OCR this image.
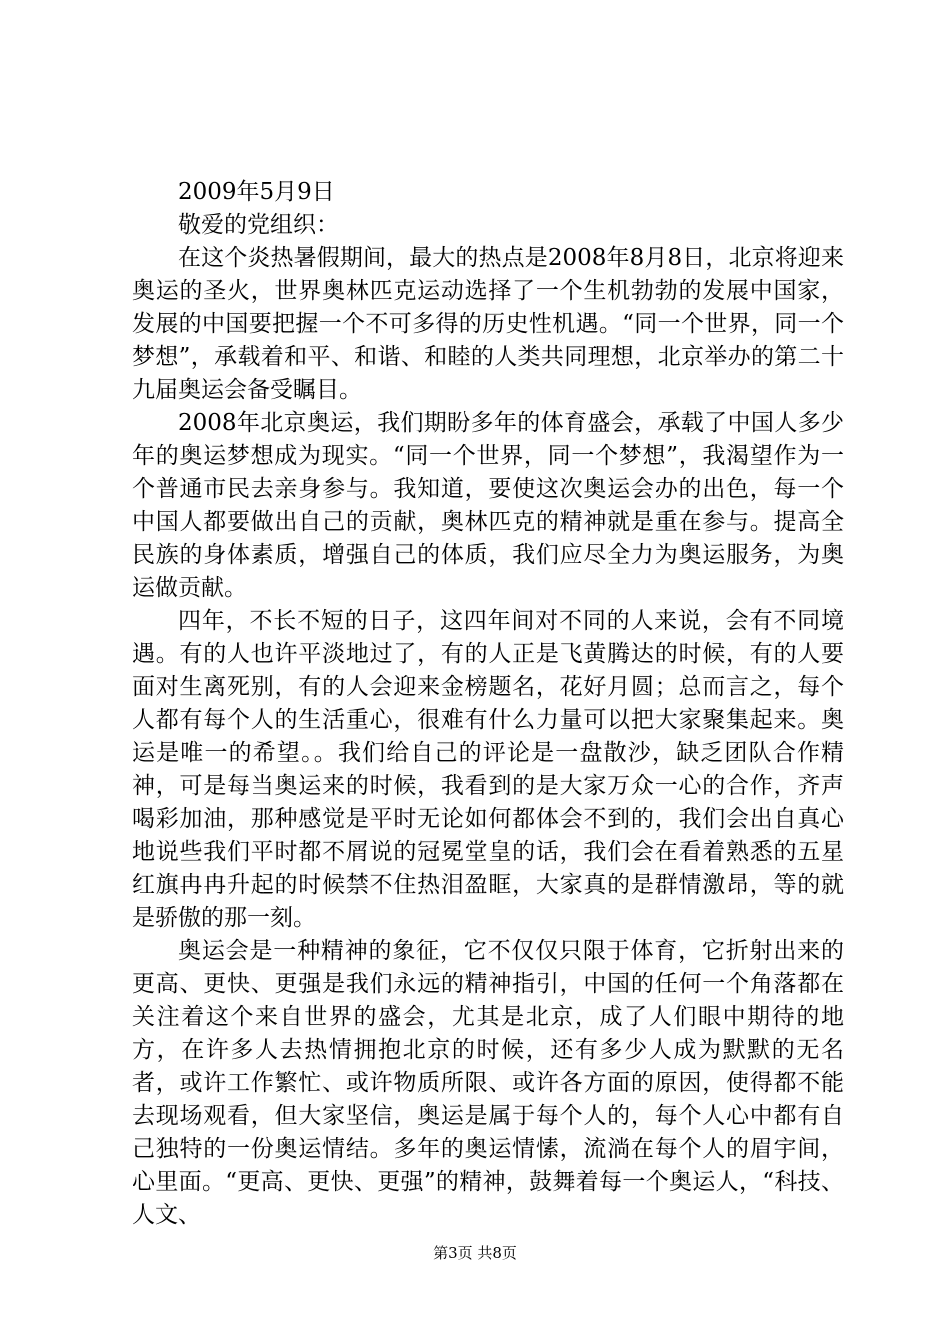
2009年5月9日

敬爱的党组织：

在这个炎热暑假期间，最大的热点是2008年8月8日，北京将迎来奥运的圣火，世界奥林匹克运动选择了一个生机勃勃的发展中国家，发展的中国要把握一个不可多得的历史性机遇。“同一个世界，同一个梦想”，承载着和平、和谐、和睦的人类共同理想，北京举办的第二十九届奥运会备受瞩目。

2008年北京奥运，我们期盼多年的体育盛会，承载了中国人多少年的奥运梦想成为现实。“同一个世界，同一个梦想”，我渴望作为一个普通市民去亲身参与。我知道，要使这次奥运会办的出色，每一个中国人都要做出自己的贡献，奥林匹克的精神就是重在参与。提高全民族的身体素质，增强自己的体质，我们应尽全力为奥运服务，为奥运做贡献。

四年，不长不短的日子，这四年间对不同的人来说，会有不同境遇。有的人也许平淡地过了，有的人正是飞黄腾达的时候，有的人要面对生离死别，有的人会迎来金榜题名，花好月圆；总而言之，每个人都有每个人的生活重心，很难有什么力量可以把大家聚集起来。奥运是唯一的希望。。我们给自己的评论是一盘散沙，缺乏团队合作精神，可是每当奥运来的时候，我看到的是大家万众一心的合作，齐声喝彩加油，那种感觉是平时无论如何都体会不到的，我们会出自真心地说些我们平时都不屑说的冠冕堂皇的话，我们会在看着熟悉的五星红旗冉冉升起的时候禁不住热泪盈眶，大家真的是群情激昂，等的就是骄傲的那一刻。

奥运会是一种精神的象征，它不仅仅只限于体育，它折射出来的更高、更快、更强是我们永远的精神指引，中国的任何一个角落都在关注着这个来自世界的盛会，尤其是北京，成了人们眼中期待的地方，在许多人去热情拥抱北京的时候，还有多少人成为默默的无名者，或许工作繁忙、或许物质所限、或许各方面的原因，使得都不能去现场观看，但大家坚信，奥运是属于每个人的，每个人心中都有自己独特的一份奥运情结。多年的奥运情愫，流淌在每个人的眉宇间，心里面。“更高、更快、更强”的精神，鼓舞着每一个奥运人，“科技、人文、

第3页 共8页
